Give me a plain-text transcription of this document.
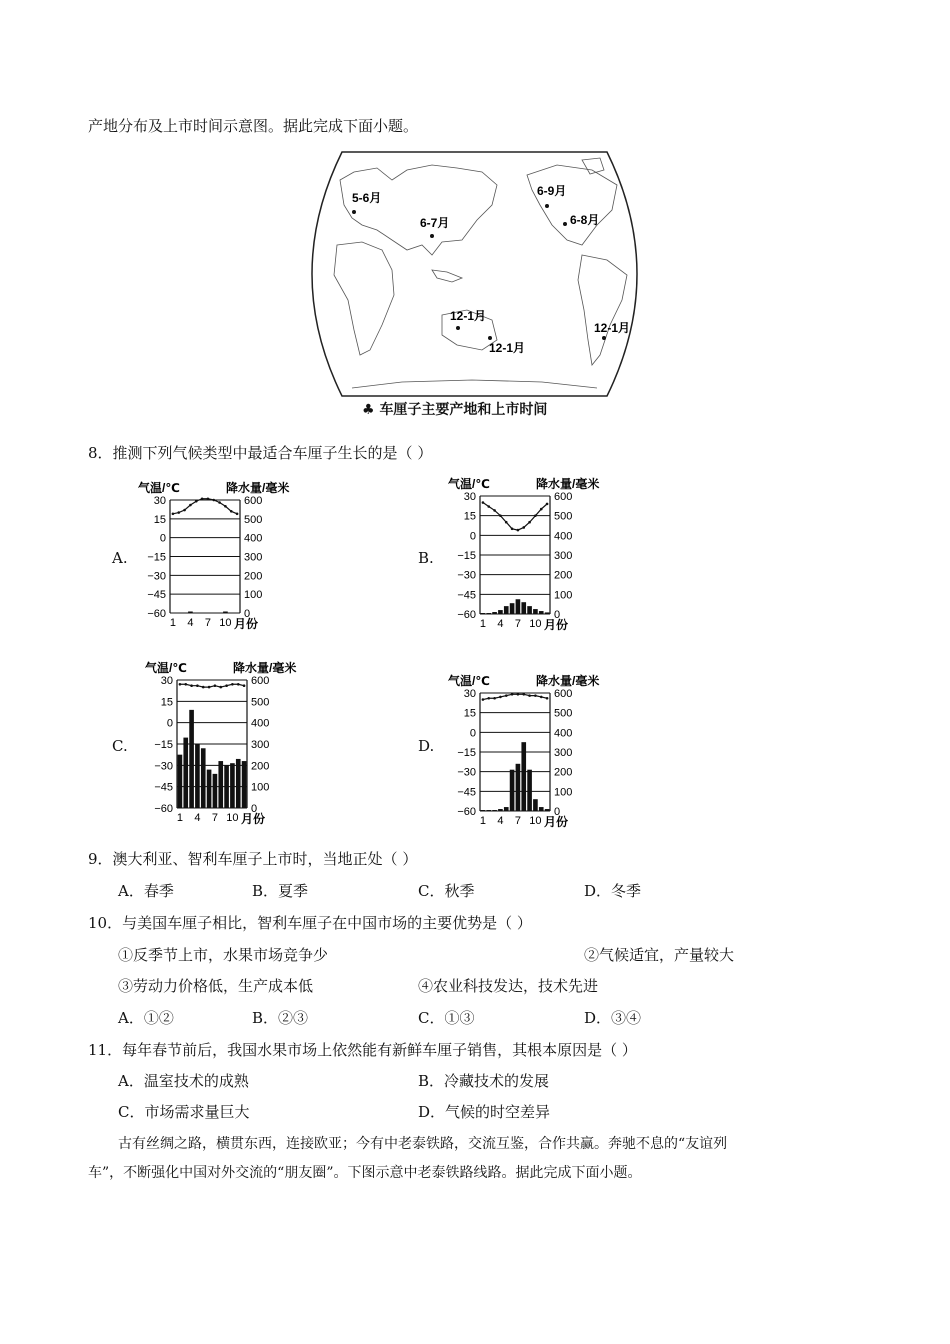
产地分布及上市时间示意图。据此完成下面小题。
5-6月
6-7月
6-9月
6-8月
12-1月
12-1月
12-1月
♣ 车厘子主要产地和上市时间
8．推测下列气候类型中最适合车厘子生长的是（ ）
A.	B.
C.	D.
气温/℃	降水量/毫米
30	600
15	500
0	400
−15	300
−30	200
−45	100
−60	0
1 4 7 10 月份
气温/℃	降水量/毫米
30	600
15	500
0	400
−15	300
−30	200
−45	100
−60	0
1 4 7 10 月份
气温/℃	降水量/毫米
30	600
15	500
0	400
−15	300
−30	200
−45	100
−60	0
1 4 7 10 月份
气温/℃	降水量/毫米
30	600
15	500
0	400
−15	300
−30	200
−45	100
−60	0
1 4 7 10 月份
9．澳大利亚、智利车厘子上市时，当地正处（ ）
A．春季	B．夏季	C．秋季	D．冬季
10．与美国车厘子相比，智利车厘子在中国市场的主要优势是（ ）
①反季节上市，水果市场竞争少	②气候适宜，产量较大
③劳动力价格低，生产成本低	④农业科技发达，技术先进
A．①②	B．②③	C．①③	D．③④
11．每年春节前后，我国水果市场上依然能有新鲜车厘子销售，其根本原因是（ ）
A．温室技术的成熟	B．冷藏技术的发展
C．市场需求量巨大	D．气候的时空差异
古有丝绸之路，横贯东西，连接欧亚；今有中老泰铁路，交流互鉴，合作共赢。奔驰不息的“友谊列
车”，不断强化中国对外交流的“朋友圈”。下图示意中老泰铁路线路。据此完成下面小题。
